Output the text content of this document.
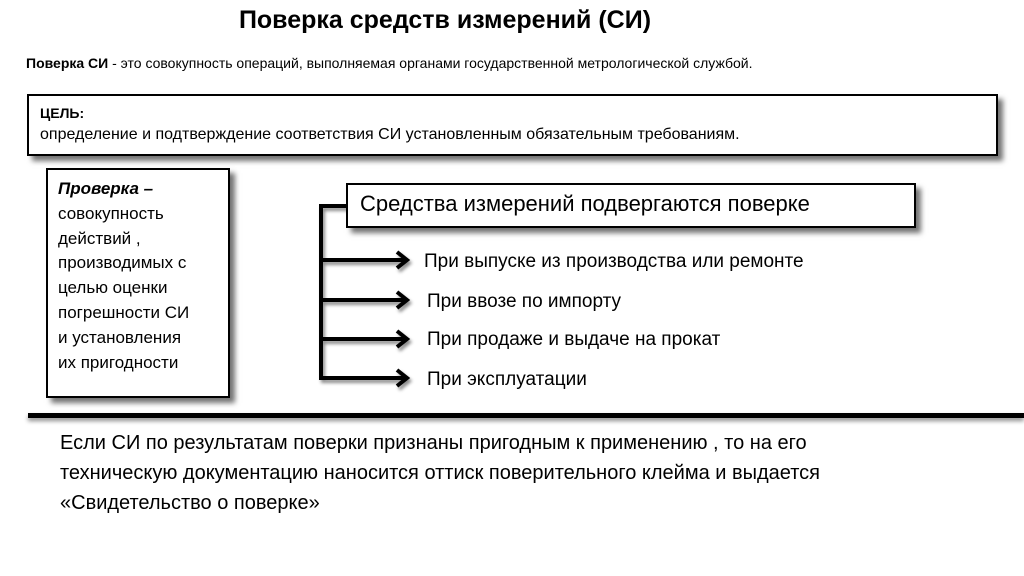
Поверка средств измерений (СИ)
Поверка СИ - это совокупность операций, выполняемая органами государственной метрологической службой.
ЦЕЛЬ:
определение и подтверждение соответствия СИ установленным обязательным требованиям.
Проверка –
совокупность
действий ,
производимых с
целью оценки
погрешности СИ
и установления
их пригодности
Средства измерений подвергаются поверке
При выпуске из производства или ремонте
При ввозе по импорту
При продаже и выдаче на прокат
При эксплуатации
Если СИ по результатам поверки признаны пригодным к применению , то на его
техническую документацию наносится оттиск поверительного клейма и выдается
«Свидетельство о поверке»
